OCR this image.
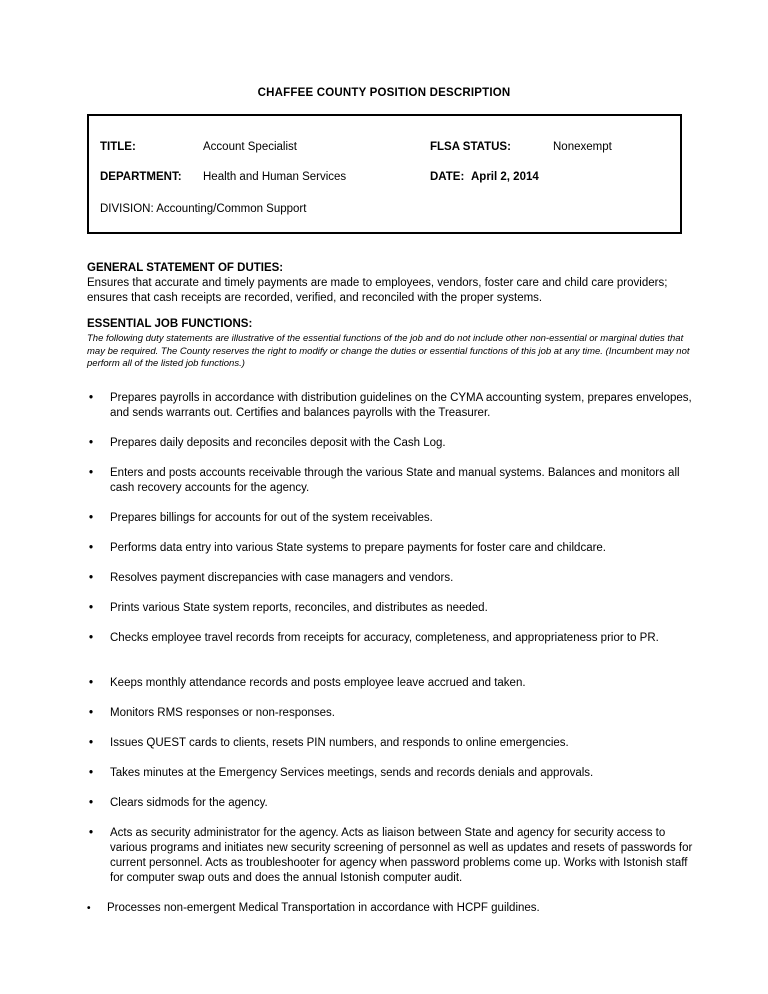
CHAFFEE COUNTY POSITION DESCRIPTION
TITLE:	Account Specialist	FLSA STATUS:	Nonexempt
DEPARTMENT: Health and Human Services	DATE: April 2, 2014
DIVISION: Accounting/Common Support
GENERAL STATEMENT OF DUTIES:
Ensures that accurate and timely payments are made to employees, vendors, foster care and child care providers; ensures that cash receipts are recorded, verified, and reconciled with the proper systems.
ESSENTIAL JOB FUNCTIONS:
The following duty statements are illustrative of the essential functions of the job and do not include other non-essential or marginal duties that may be required. The County reserves the right to modify or change the duties or essential functions of this job at any time. (Incumbent may not perform all of the listed job functions.)
• Prepares payrolls in accordance with distribution guidelines on the CYMA accounting system, prepares envelopes, and sends warrants out. Certifies and balances payrolls with the Treasurer.
• Prepares daily deposits and reconciles deposit with the Cash Log.
• Enters and posts accounts receivable through the various State and manual systems. Balances and monitors all cash recovery accounts for the agency.
• Prepares billings for accounts for out of the system receivables.
• Performs data entry into various State systems to prepare payments for foster care and childcare.
• Resolves payment discrepancies with case managers and vendors.
• Prints various State system reports, reconciles, and distributes as needed.
• Checks employee travel records from receipts for accuracy, completeness, and appropriateness prior to PR.
• Keeps monthly attendance records and posts employee leave accrued and taken.
• Monitors RMS responses or non-responses.
• Issues QUEST cards to clients, resets PIN numbers, and responds to online emergencies.
• Takes minutes at the Emergency Services meetings, sends and records denials and approvals.
• Clears sidmods for the agency.
• Acts as security administrator for the agency. Acts as liaison between State and agency for security access to various programs and initiates new security screening of personnel as well as updates and resets of passwords for current personnel. Acts as troubleshooter for agency when password problems come up. Works with Istonish staff for computer swap outs and does the annual Istonish computer audit.
• Processes non-emergent Medical Transportation in accordance with HCPF guildines.
